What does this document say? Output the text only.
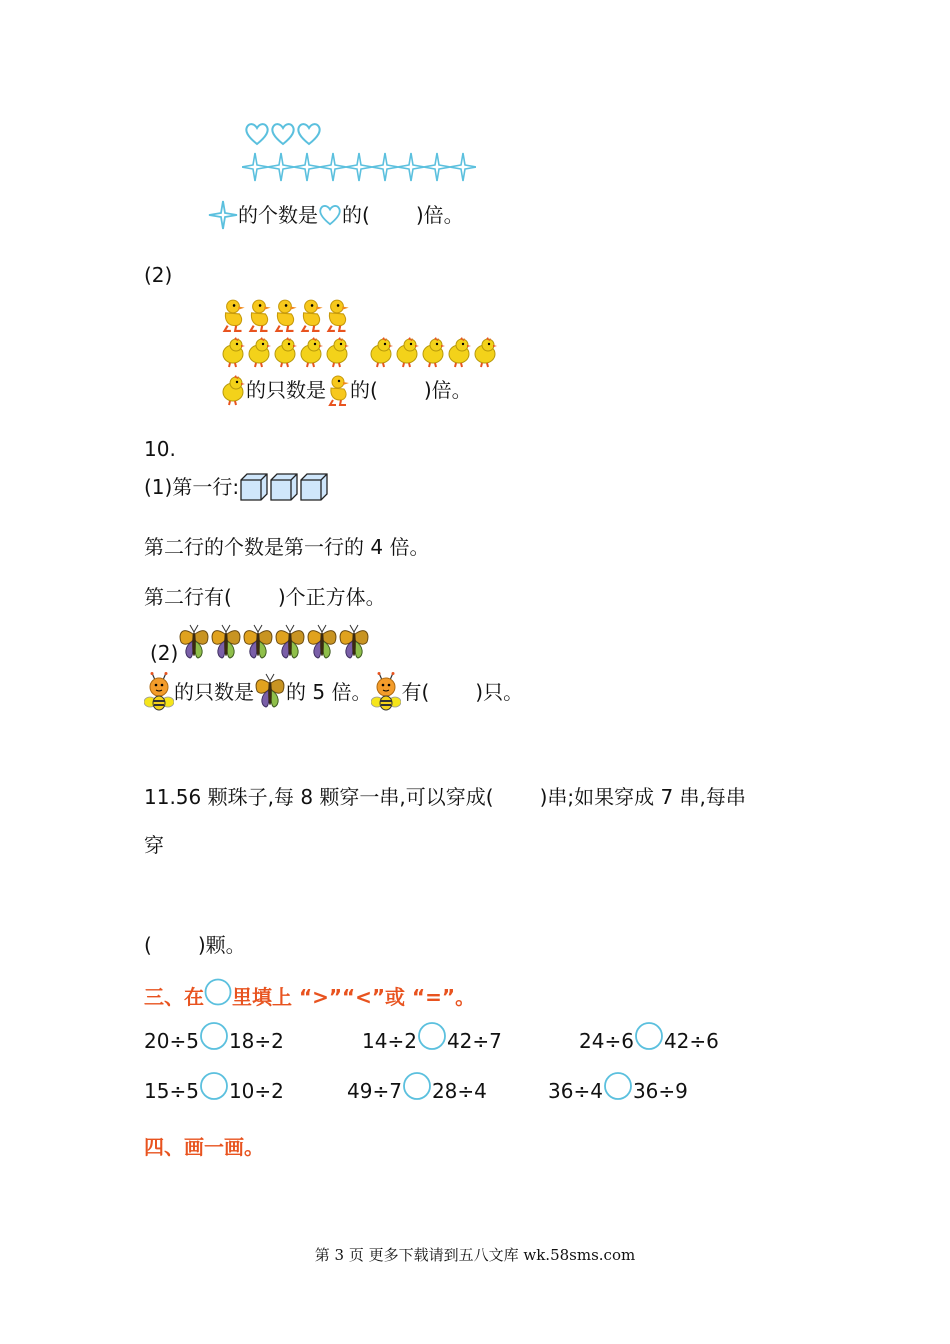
的个数是 的( )倍。
(2)
的只数是 的( )倍。
10.
(1)第一行:
第二行的个数是第一行的 4 倍。
第二行有( )个正方体。
(2)
的只数是 的 5 倍。 有( )只。
11.56 颗珠子,每 8 颗穿一串,可以穿成( )串;如果穿成 7 串,每串
穿
( )颗。
三、在 里填上 “>”“<”或 “=”。
20÷5 18÷2	14÷2 42÷7	24÷6 42÷6
15÷5 10÷2	49÷7 28÷4	36÷4 36÷9
四、画一画。
第 3 页 更多下载请到五八文库 wk.58sms.com
